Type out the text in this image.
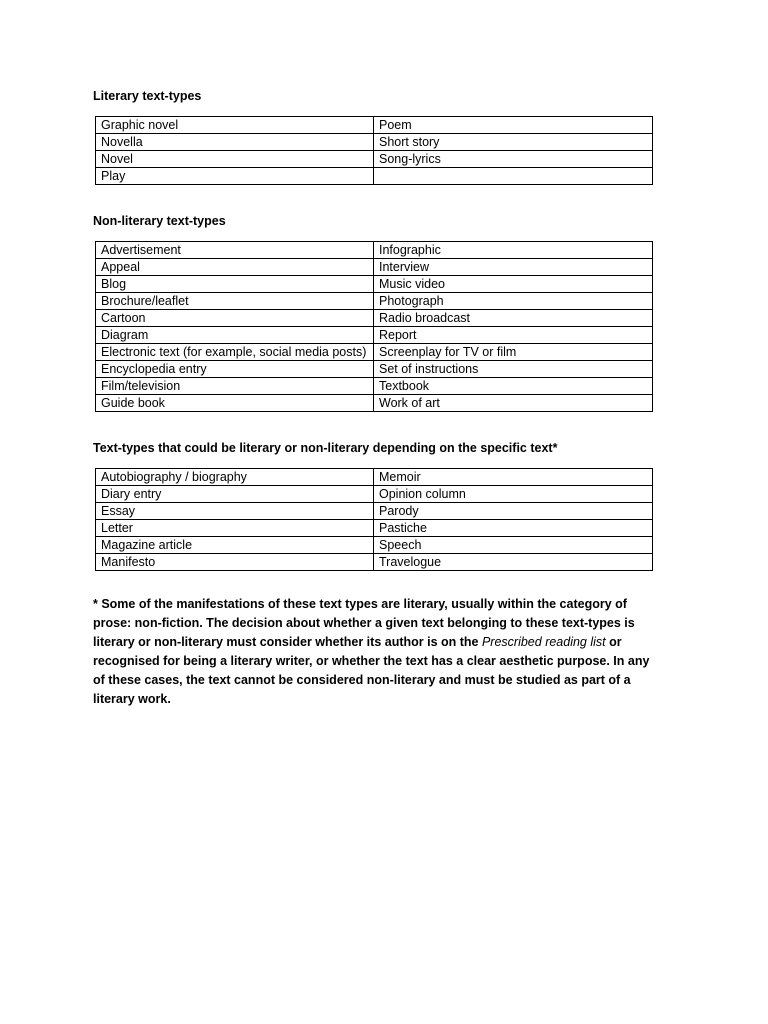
Literary text-types
Graphic novel	Poem
Novella	Short story
Novel	Song-lyrics
Play	
Non-literary text-types
Advertisement	Infographic
Appeal	Interview
Blog	Music video
Brochure/leaflet	Photograph
Cartoon	Radio broadcast
Diagram	Report
Electronic text (for example, social media posts)	Screenplay for TV or film
Encyclopedia entry	Set of instructions
Film/television	Textbook
Guide book	Work of art
Text-types that could be literary or non-literary depending on the specific text*
Autobiography / biography	Memoir
Diary entry	Opinion column
Essay	Parody
Letter	Pastiche
Magazine article	Speech
Manifesto	Travelogue
* Some of the manifestations of these text types are literary, usually within the category of prose: non-fiction. The decision about whether a given text belonging to these text-types is literary or non-literary must consider whether its author is on the Prescribed reading list or recognised for being a literary writer, or whether the text has a clear aesthetic purpose. In any of these cases, the text cannot be considered non-literary and must be studied as part of a literary work.
